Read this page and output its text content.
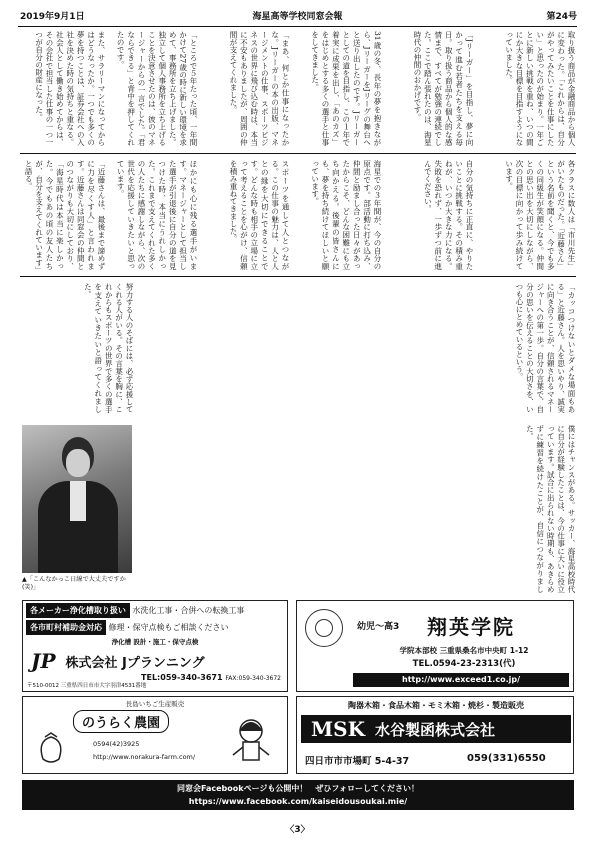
2019年9月1日	海星高等学校同窓会報	第24号
また、サラリーマンになってからはどうなったか。一つでも多くの夢を持つことは、証券会社への入社を決めた時の気持ちと重なる。社会人として働き始めてからは、その会社で担当した仕事の一つ一つが自分の財産になった。	「ところで５年たった頃、一年間かけて27歳の時に新しい環境を求めて、事務所を立ち上げました。独立して個人事務所を立ち上げることを決意させたのは、彼のマネージャーからの一言でした。「君ならできる」と背中を押してくれたのです。	「まあ、何とか仕事になったかな。Jリーガーの本の出版、マネージメントの仕事、スポーツビジネスの世界に飛び込む時は、本当に不安もありましたが、周囲の仲間が支えてくれました。	31歳の冬、長年の夢を抱きながら、JリーガーをJリーグの舞台へと送り出したのです。Jリーガーとしての道を目指し、この１年で着実に成果を出し、「あのカズ」をはじめとする多くの選手と仕事をしてきました。	「Jリーガー」を目指し、夢に向かって進む若者たちを支える毎日。取り扱う商品から個人的な感情まで、すべてが勉強の連続でした。ここで踏ん張れたのは、海星時代の仲間のおかげです。	取り扱う商品が金融商品から個人に変わった。「これからは、自分がやってみたいことを仕事にしたい」と思ったのが始まり。一年ごとに新しい挑戦を重ね、いつの間にか大きな目標を目指すようになっていました。
「近藤さんは、最後まで諦めずに力を尽くす人」と言われます。近藤さんは同窓会の仲間とのつながりも大切にしており、「海星時代は本当に楽しかった。今でもあの頃の友人たちが、自分を支えてくれています」と語る。	ほかにも心に残る選手がいます。マネージャーとして担当した選手が引退後に自分の道を見つけた時、本当にうれしかった。これまで支えてくれた多くの人たちに感謝しながら、次の世代を応援していきたいと思っています。	スポーツを通して人とつながる。この仕事の魅力は、人と人との縁を大切にできることです。どんな時も相手の立場に立って考えることを心がけ、信頼を積み重ねてきました。	海星での３年間が、今の自分の原点です。部活動に打ち込み、仲間と励まし合った日々があったからこそ、どんな困難にも立ち向かえる。後輩の皆さんにも、夢を持ち続けてほしいと願っています。	自分の気持ちに正直に、やりたいことに挑戦する。その積み重ねが、いつか大きな力になる。失敗を恐れず、一歩ずつ前に進んでください。	各クラスに数人は「市川先生」がいたものだった。「近藤さん」という名前を聞くと、今でも多くの同級生が笑顔になる。仲間との思い出を大切にしながら、次の目標に向かって歩み続けています。
「カッコつけないとダメな場面もある」と近藤さん。人を思いやり、誠実に向き合うことが、信頼されるマネージャーへの第一歩。自分の言葉で、自分の思いを伝えることの大切さを、いつも心にとめているという。
努力する人のそばには、必ず応援してくれる人がいる。その言葉を胸に、これからもスポーツの世界で多くの選手を支えていきたいと語ってくれました。
僕にはチャンスがある。サッカー、海星高校時代に自分が経験したことは、今の仕事に大いに役立っています。試合に出られない時期も、あきらめずに練習を続けたことが、自信につながりました。
▲「こんなかっこ日線で大丈夫ですか(笑)」
各メーカー浄化槽取り扱い 水洗化工事・合併への転換工事
各市町村補助金対応 修理・保守点検もご相談ください
浄化槽 設計・施工・保守点検
JP 株式会社 Jプランニング
TEL:059-340-3671 FAX:059-340-3672
〒510-0012 三重県四日市市大字羽津4531番地
幼児〜高3 翔英学院
学院本部校 三重県桑名市中央町 1-12
TEL.0594-23-2313(代)
http://www.exceed1.co.jp/
長島いちご生産販売
のうらく農園
0594(42)3925
http://www.norakura-farm.com/
陶器木箱・食品木箱・モミ木箱・焼杉・製造販売
MSK 水谷製函株式会社
四日市市市場町 5-4-37	059(331)6550
同窓会Facebookページも公開中！　ぜひフォローしてください！
https://www.facebook.com/kaiseidousoukai.mie/
〈3〉
